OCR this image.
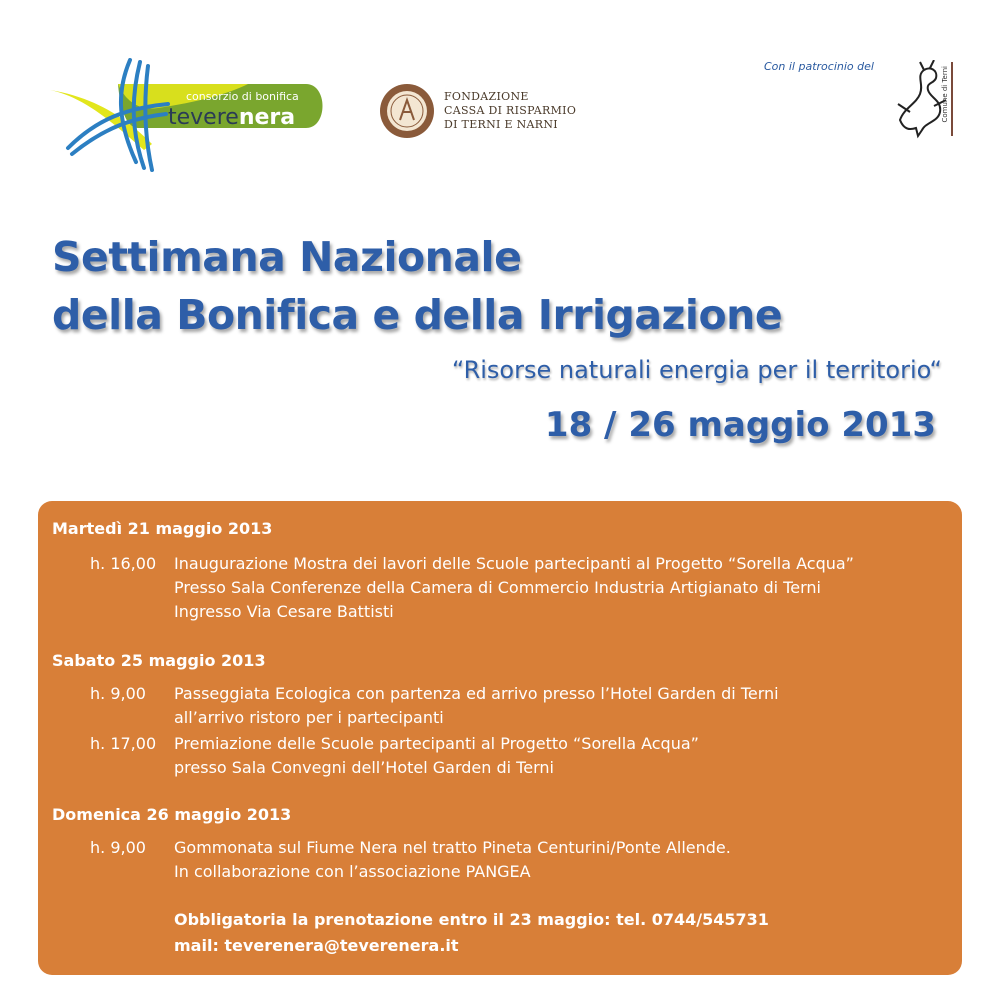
consorzio di bonifica
teverenera
FONDAZIONE
CASSA DI RISPARMIO
DI TERNI E NARNI
Con il patrocinio del	Comune di Terni
Settimana Nazionale
della Bonifica e della Irrigazione
“Risorse naturali energia per il territorio“
18 / 26 maggio 2013
Martedì 21 maggio 2013
h. 16,00 Inaugurazione Mostra dei lavori delle Scuole partecipanti al Progetto “Sorella Acqua”
Presso Sala Conferenze della Camera di Commercio Industria Artigianato di Terni
Ingresso Via Cesare Battisti
Sabato 25 maggio 2013
h. 9,00 Passeggiata Ecologica con partenza ed arrivo presso l’Hotel Garden di Terni
all’arrivo ristoro per i partecipanti
h. 17,00 Premiazione delle Scuole partecipanti al Progetto “Sorella Acqua”
presso Sala Convegni dell’Hotel Garden di Terni
Domenica 26 maggio 2013
h. 9,00 Gommonata sul Fiume Nera nel tratto Pineta Centurini/Ponte Allende.
In collaborazione con l’associazione PANGEA
Obbligatoria la prenotazione entro il 23 maggio: tel. 0744/545731
mail: teverenera@teverenera.it
